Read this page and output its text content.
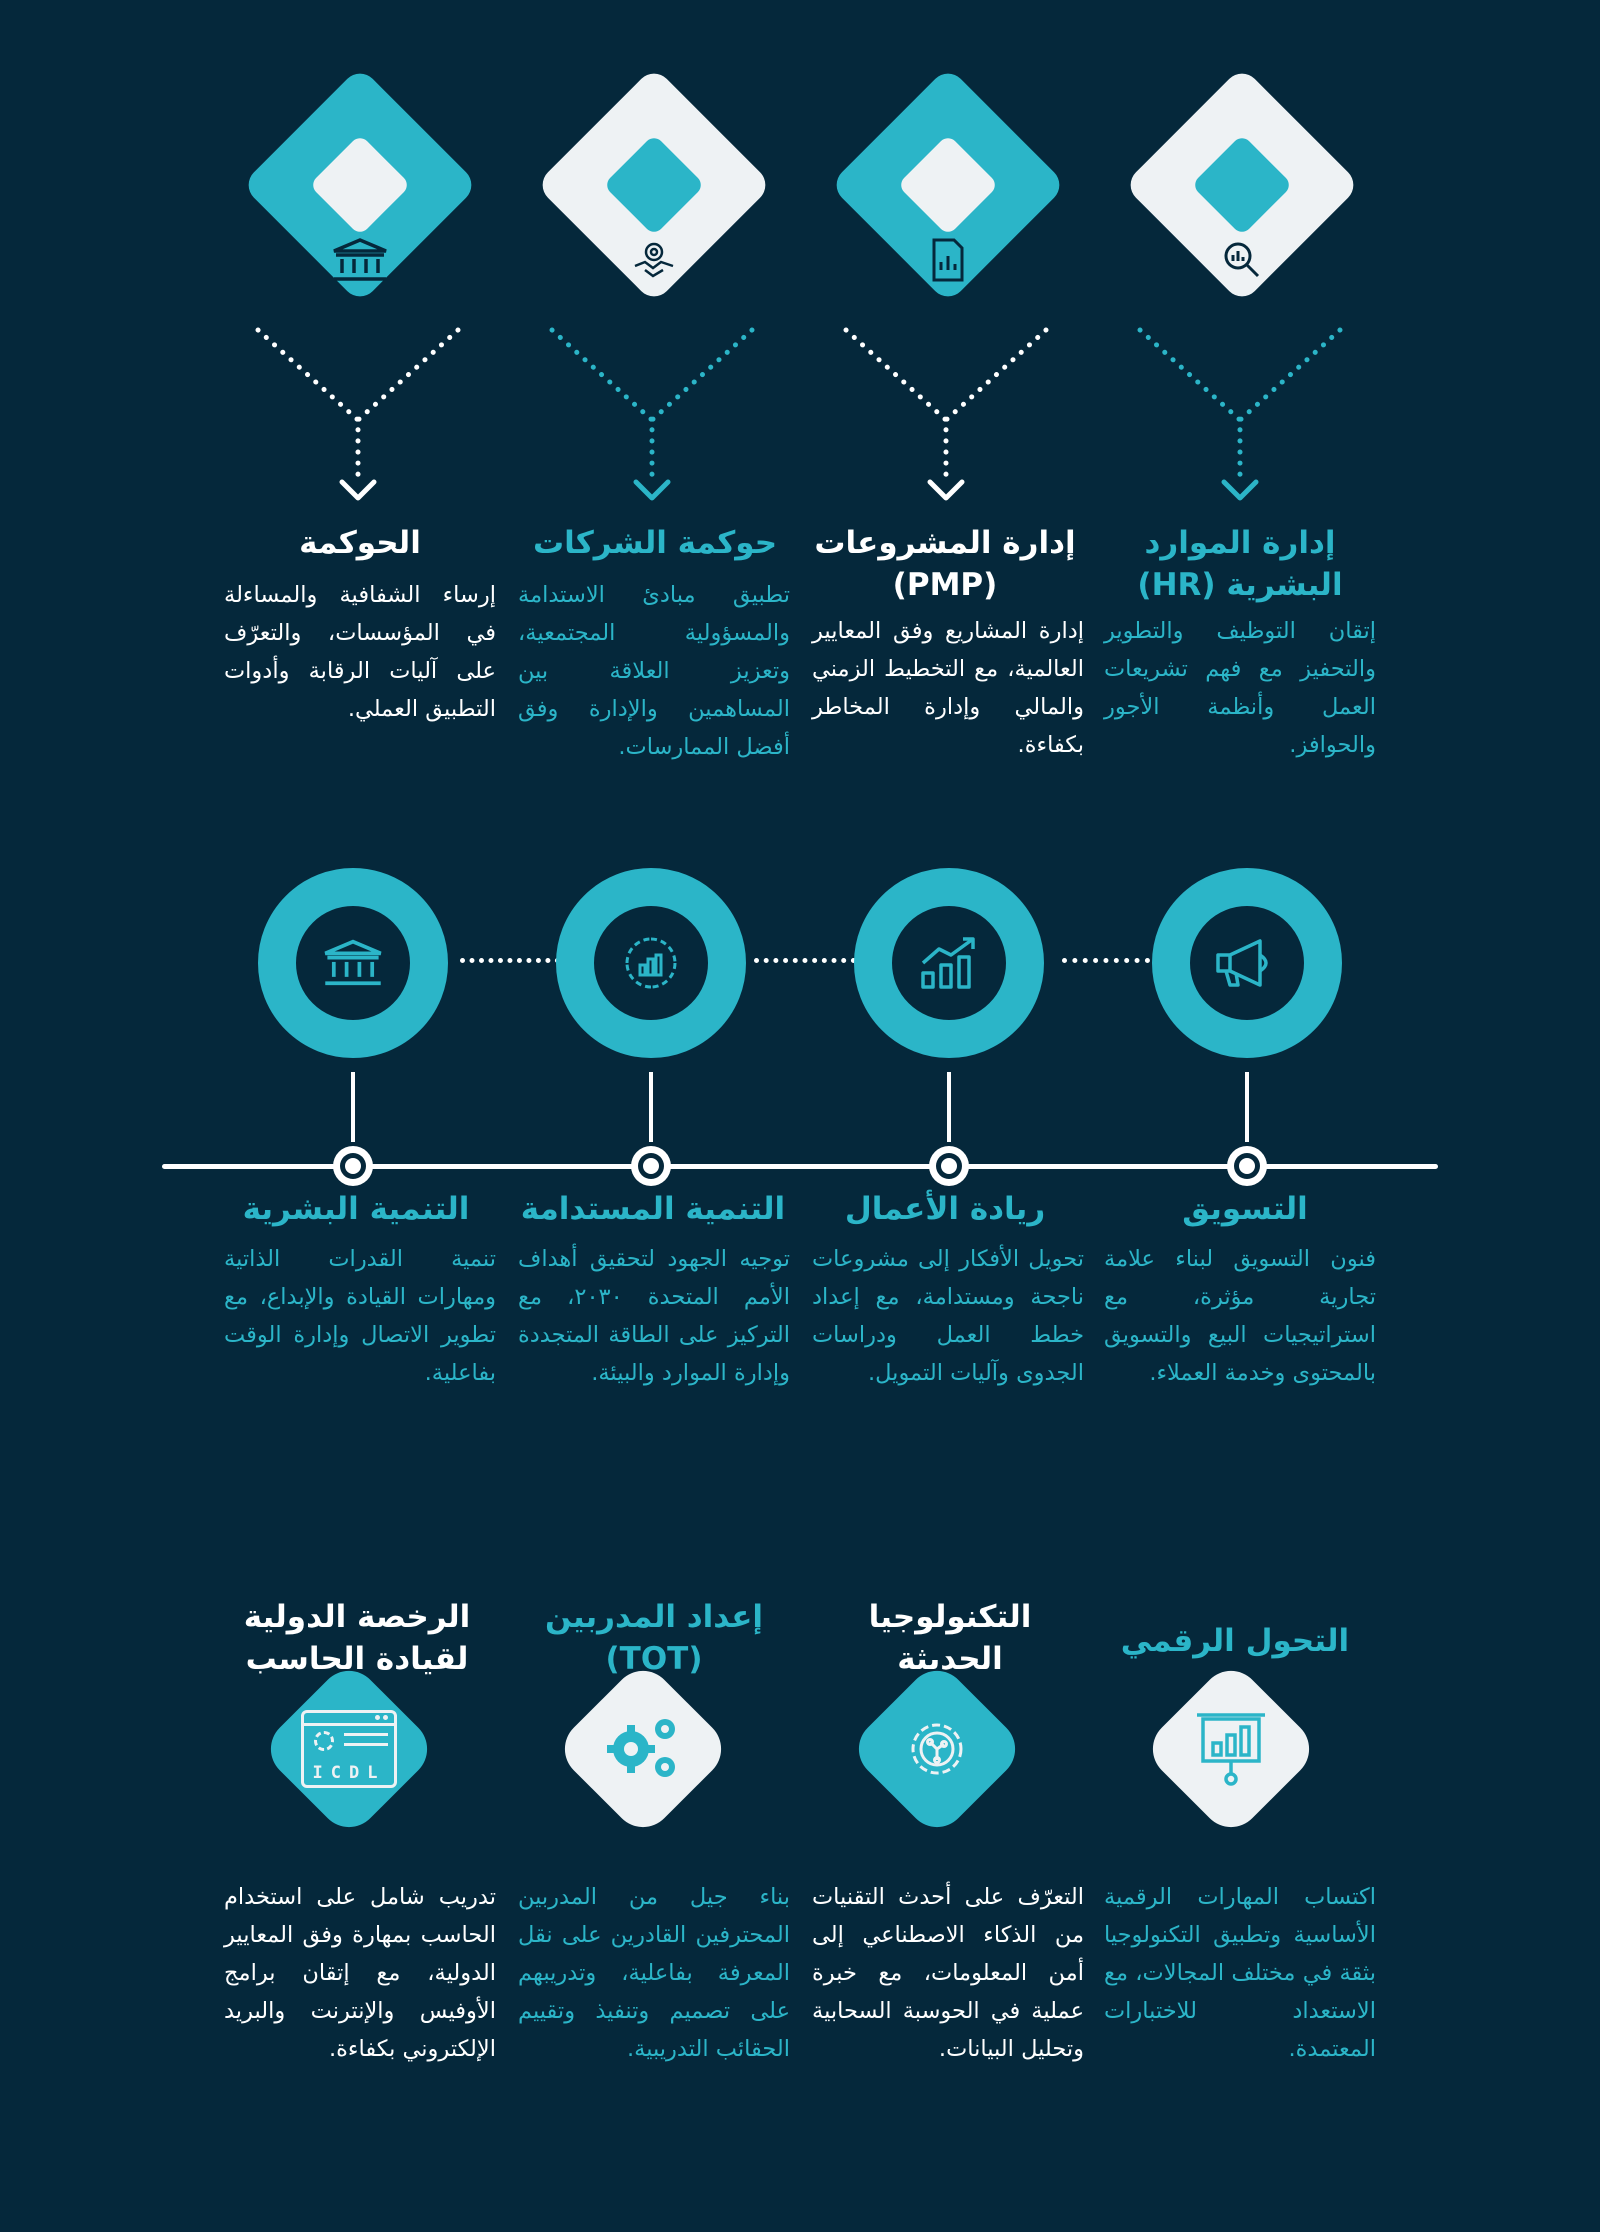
إدارة الموارد البشرية (HR)
إدارة المشروعات (PMP)
حوكمة الشركات
الحوكمة
إتقان التوظيف والتطوير والتحفيز مع فهم تشريعات العمل وأنظمة الأجور والحوافز.
إدارة المشاريع وفق المعايير العالمية، مع التخطيط الزمني والمالي وإدارة المخاطر بكفاءة.
تطبيق مبادئ الاستدامة والمسؤولية المجتمعية، وتعزيز العلاقة بين المساهمين والإدارة وفق أفضل الممارسات.
إرساء الشفافية والمساءلة في المؤسسات، والتعرّف على آليات الرقابة وأدوات التطبيق العملي.
التسويق
ريادة الأعمال
التنمية المستدامة
التنمية البشرية
فنون التسويق لبناء علامة تجارية مؤثرة، مع استراتيجيات البيع والتسويق بالمحتوى وخدمة العملاء.
تحويل الأفكار إلى مشروعات ناجحة ومستدامة، مع إعداد خطط العمل ودراسات الجدوى وآليات التمويل.
توجيه الجهود لتحقيق أهداف الأمم المتحدة ٢٠٣٠، مع التركيز على الطاقة المتجددة وإدارة الموارد والبيئة.
تنمية القدرات الذاتية ومهارات القيادة والإبداع، مع تطوير الاتصال وإدارة الوقت بفاعلية.
التحول الرقمي
التكنولوجيا الحديثة
إعداد المدربين (TOT)
الرخصة الدولية لقيادة الحاسب
ICDL
اكتساب المهارات الرقمية الأساسية وتطبيق التكنولوجيا بثقة في مختلف المجالات، مع الاستعداد للاختبارات المعتمدة.
التعرّف على أحدث التقنيات من الذكاء الاصطناعي إلى أمن المعلومات، مع خبرة عملية في الحوسبة السحابية وتحليل البيانات.
بناء جيل من المدربين المحترفين القادرين على نقل المعرفة بفاعلية، وتدريبهم على تصميم وتنفيذ وتقييم الحقائب التدريبية.
تدريب شامل على استخدام الحاسب بمهارة وفق المعايير الدولية، مع إتقان برامج الأوفيس والإنترنت والبريد الإلكتروني بكفاءة.
